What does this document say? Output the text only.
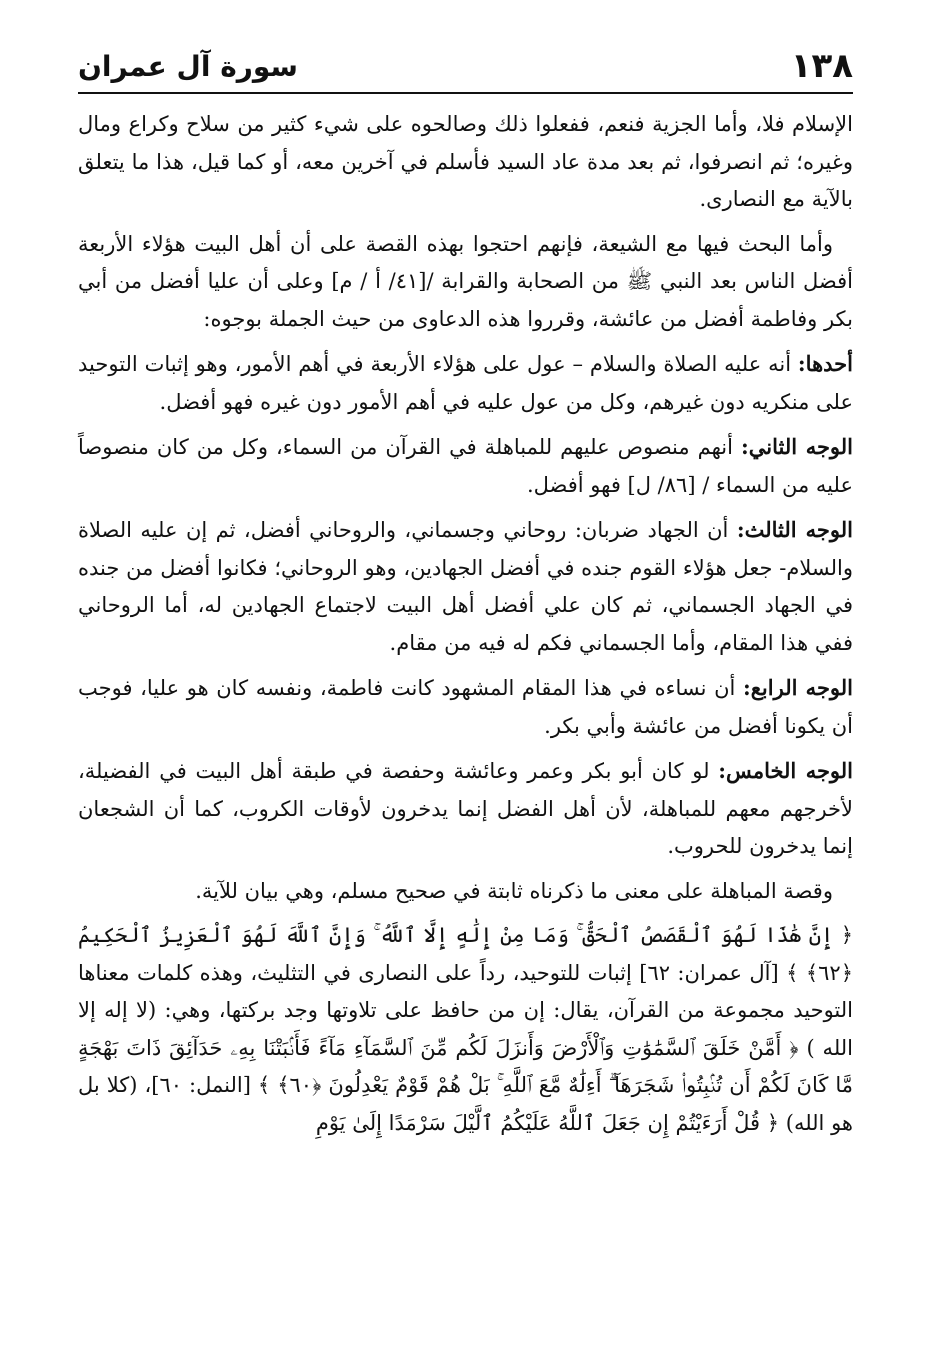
١٣٨
سورة آل عمران

الإسلام فلا، وأما الجزية فنعم، ففعلوا ذلك وصالحوه على شيء كثير من سلاح وكراع ومال وغيره؛ ثم انصرفوا، ثم بعد مدة عاد السيد فأسلم في آخرين معه، أو كما قيل، هذا ما يتعلق بالآية مع النصارى.

وأما البحث فيها مع الشيعة، فإنهم احتجوا بهذه القصة على أن أهل البيت هؤلاء الأربعة أفضل الناس بعد النبي ﷺ من الصحابة والقرابة /[٤١/ أ / م] وعلى أن عليا أفضل من أبي بكر وفاطمة أفضل من عائشة، وقرروا هذه الدعاوى من حيث الجملة بوجوه:

أحدها: أنه عليه الصلاة والسلام – عول على هؤلاء الأربعة في أهم الأمور، وهو إثبات التوحيد على منكريه دون غيرهم، وكل من عول عليه في أهم الأمور دون غيره فهو أفضل.

الوجه الثاني: أنهم منصوص عليهم للمباهلة في القرآن من السماء، وكل من كان منصوصاً عليه من السماء / [٨٦/ ل] فهو أفضل.

الوجه الثالث: أن الجهاد ضربان: روحاني وجسماني، والروحاني أفضل، ثم إن عليه الصلاة والسلام- جعل هؤلاء القوم جنده في أفضل الجهادين، وهو الروحاني؛ فكانوا أفضل من جنده في الجهاد الجسماني، ثم كان علي أفضل أهل البيت لاجتماع الجهادين له، أما الروحاني ففي هذا المقام، وأما الجسماني فكم له فيه من مقام.

الوجه الرابع: أن نساءه في هذا المقام المشهود كانت فاطمة، ونفسه كان هو عليا، فوجب أن يكونا أفضل من عائشة وأبي بكر.

الوجه الخامس: لو كان أبو بكر وعمر وعائشة وحفصة في طبقة أهل البيت في الفضيلة، لأخرجهم معهم للمباهلة، لأن أهل الفضل إنما يدخرون لأوقات الكروب، كما أن الشجعان إنما يدخرون للحروب.

وقصة المباهلة على معنى ما ذكرناه ثابتة في صحيح مسلم، وهي بيان للآية.

﴿ إِنَّ هَٰذَا لَهُوَ ٱلْقَصَصُ ٱلْحَقُّ ۚ وَمَا مِنْ إِلَٰهٍ إِلَّا ٱللَّهُ ۚ وَإِنَّ ٱللَّهَ لَهُوَ ٱلْعَزِيزُ ٱلْحَكِيمُ ﴿٦٢﴾ ﴾ [آل عمران: ٦٢] إثبات للتوحيد، رداً على النصارى في التثليث، وهذه كلمات معناها التوحيد مجموعة من القرآن، يقال: إن من حافظ على تلاوتها وجد بركتها، وهي: (لا إله إلا الله ) ﴿ أَمَّنْ خَلَقَ ٱلسَّمَٰوَٰتِ وَٱلْأَرْضَ وَأَنزَلَ لَكُم مِّنَ ٱلسَّمَآءِ مَآءً فَأَنۢبَتْنَا بِهِۦ حَدَآئِقَ ذَاتَ بَهْجَةٍ مَّا كَانَ لَكُمْ أَن تُنۢبِتُوا۟ شَجَرَهَآ ۗ أَءِلَٰهٌ مَّعَ ٱللَّهِ ۚ بَلْ هُمْ قَوْمٌ يَعْدِلُونَ ﴿٦٠﴾ ﴾ [النمل: ٦٠]، (كلا بل هو الله) ﴿ قُلْ أَرَءَيْتُمْ إِن جَعَلَ ٱللَّهُ عَلَيْكُمُ ٱلَّيْلَ سَرْمَدًا إِلَىٰ يَوْمِ
